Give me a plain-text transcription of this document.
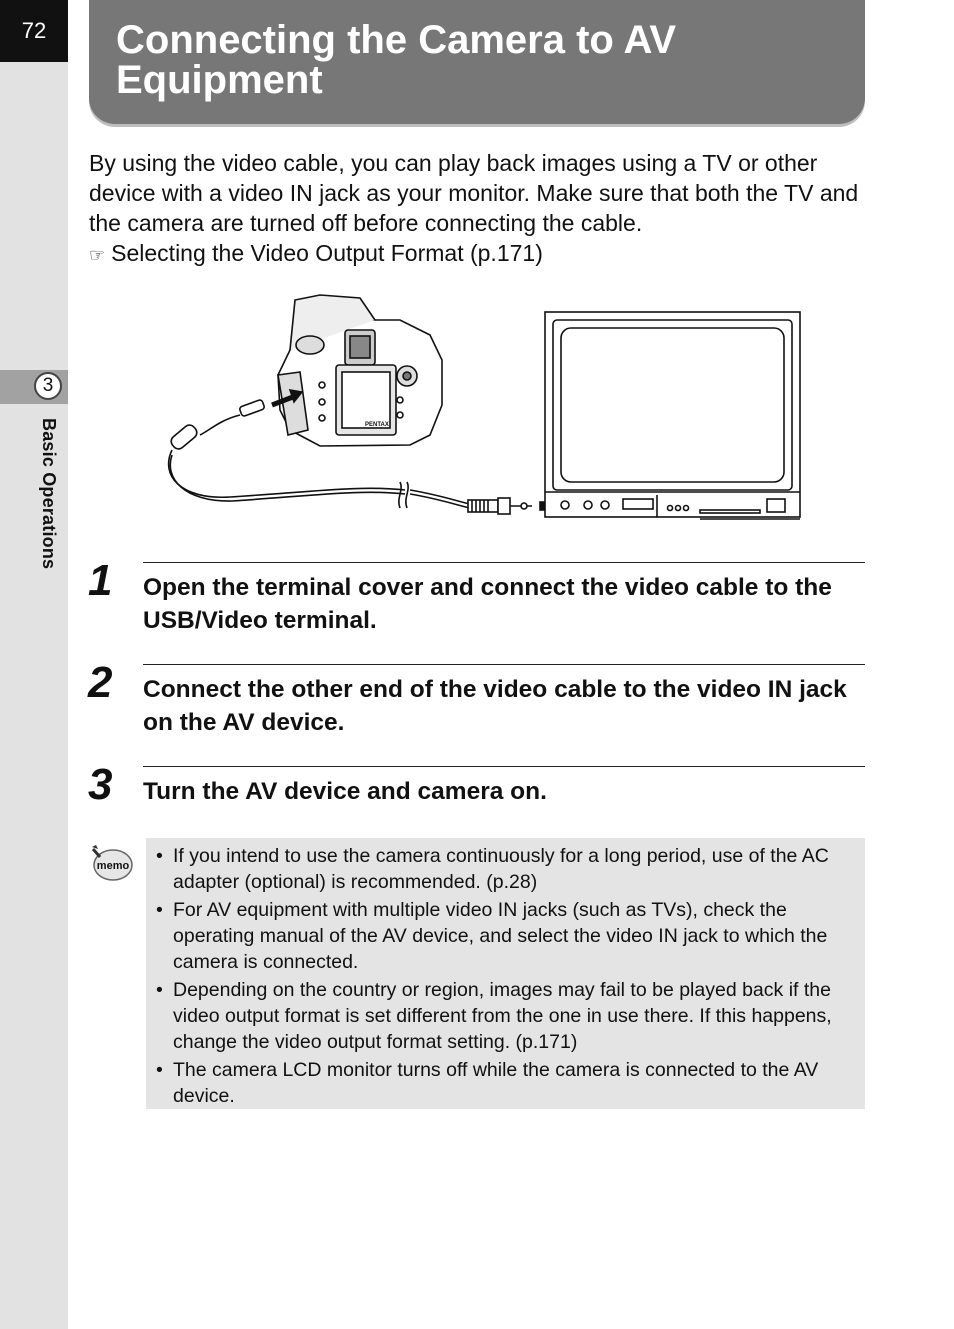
72
3
Basic Operations
Connecting the Camera to AV Equipment

By using the video cable, you can play back images using a TV or other device with a video IN jack as your monitor. Make sure that both the TV and the camera are turned off before connecting the cable.
☞ Selecting the Video Output Format (p.171)

PENTAX
1 Open the terminal cover and connect the video cable to the USB/Video terminal.

2 Connect the other end of the video cable to the video IN jack on the AV device.

3 Turn the AV device and camera on.

memo
•	If you intend to use the camera continuously for a long period, use of the AC adapter (optional) is recommended. (p.28)
• For AV equipment with multiple video IN jacks (such as TVs), check the operating manual of the AV device, and select the video IN jack to which the camera is connected.
• Depending on the country or region, images may fail to be played back if the video output format is set different from the one in use there. If this happens, change the video output format setting. (p.171)
• The camera LCD monitor turns off while the camera is connected to the AV device.
